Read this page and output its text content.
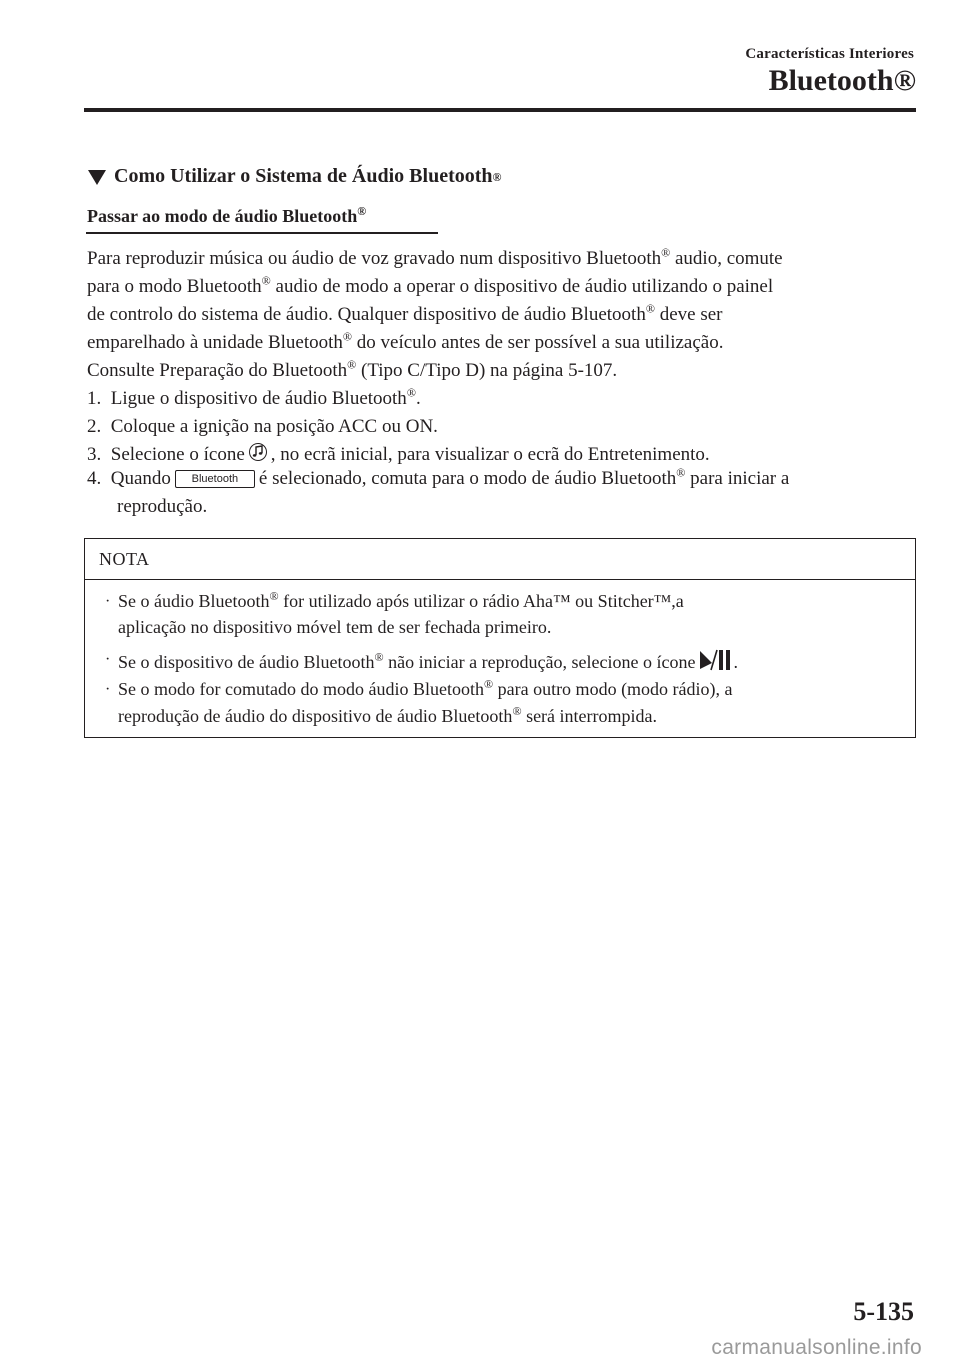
Características Interiores
Bluetooth®
Como Utilizar o Sistema de Áudio Bluetooth ®
Passar ao modo de áudio Bluetooth®
Para reproduzir música ou áudio de voz gravado num dispositivo Bluetooth® audio, comute
para o modo Bluetooth® audio de modo a operar o dispositivo de áudio utilizando o painel
de controlo do sistema de áudio. Qualquer dispositivo de áudio Bluetooth® deve ser
emparelhado à unidade Bluetooth® do veículo antes de ser possível a sua utilização.
Consulte Preparação do Bluetooth® (Tipo C/Tipo D) na página 5-107.
1. Ligue o dispositivo de áudio Bluetooth®.
2. Coloque a ignição na posição ACC ou ON.
3. Selecione o ícone , no ecrã inicial, para visualizar o ecrã do Entretenimento.
4. Quando Bluetooth é selecionado, comuta para o modo de áudio Bluetooth® para iniciar a
reprodução.
NOTA
· Se o áudio Bluetooth® for utilizado após utilizar o rádio Aha™ ou Stitcher™,a
aplicação no dispositivo móvel tem de ser fechada primeiro.
· Se o dispositivo de áudio Bluetooth® não iniciar a reprodução, selecione o ícone .
· Se o modo for comutado do modo áudio Bluetooth® para outro modo (modo rádio), a
reprodução de áudio do dispositivo de áudio Bluetooth® será interrompida.
5-135
carmanualsonline.info
